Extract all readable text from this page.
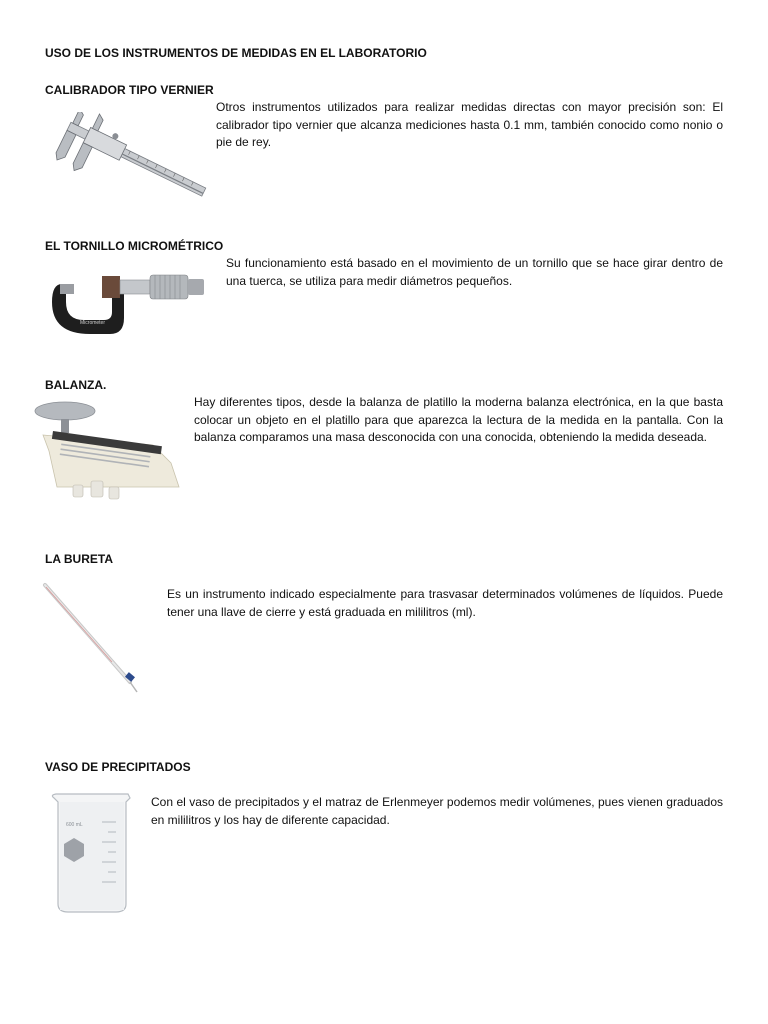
USO DE LOS INSTRUMENTOS DE MEDIDAS EN EL LABORATORIO
CALIBRADOR TIPO VERNIER

Otros instrumentos utilizados para realizar medidas directas con mayor precisión son: El calibrador tipo vernier que alcanza mediciones hasta 0.1 mm, también conocido como nonio o pie de rey.

EL TORNILLO MICROMÉTRICO
Micrometer

Su funcionamiento está basado en el movimiento de un tornillo que se hace girar dentro de una tuerca, se utiliza para medir diámetros pequeños.

BALANZA.

Hay diferentes tipos, desde la balanza de platillo la moderna balanza electrónica, en la que basta colocar un objeto en el platillo para que aparezca la lectura de la medida en la pantalla. Con la balanza comparamos una masa desconocida con una conocida, obteniendo la medida deseada.

LA BURETA

Es un instrumento indicado especialmente para trasvasar determinados volúmenes de líquidos. Puede tener una llave de cierre y está graduada en mililitros (ml).

VASO DE PRECIPITADOS
600 mL

Con el vaso de precipitados y el matraz de Erlenmeyer podemos medir volúmenes, pues vienen graduados en mililitros y los hay de diferente capacidad.
